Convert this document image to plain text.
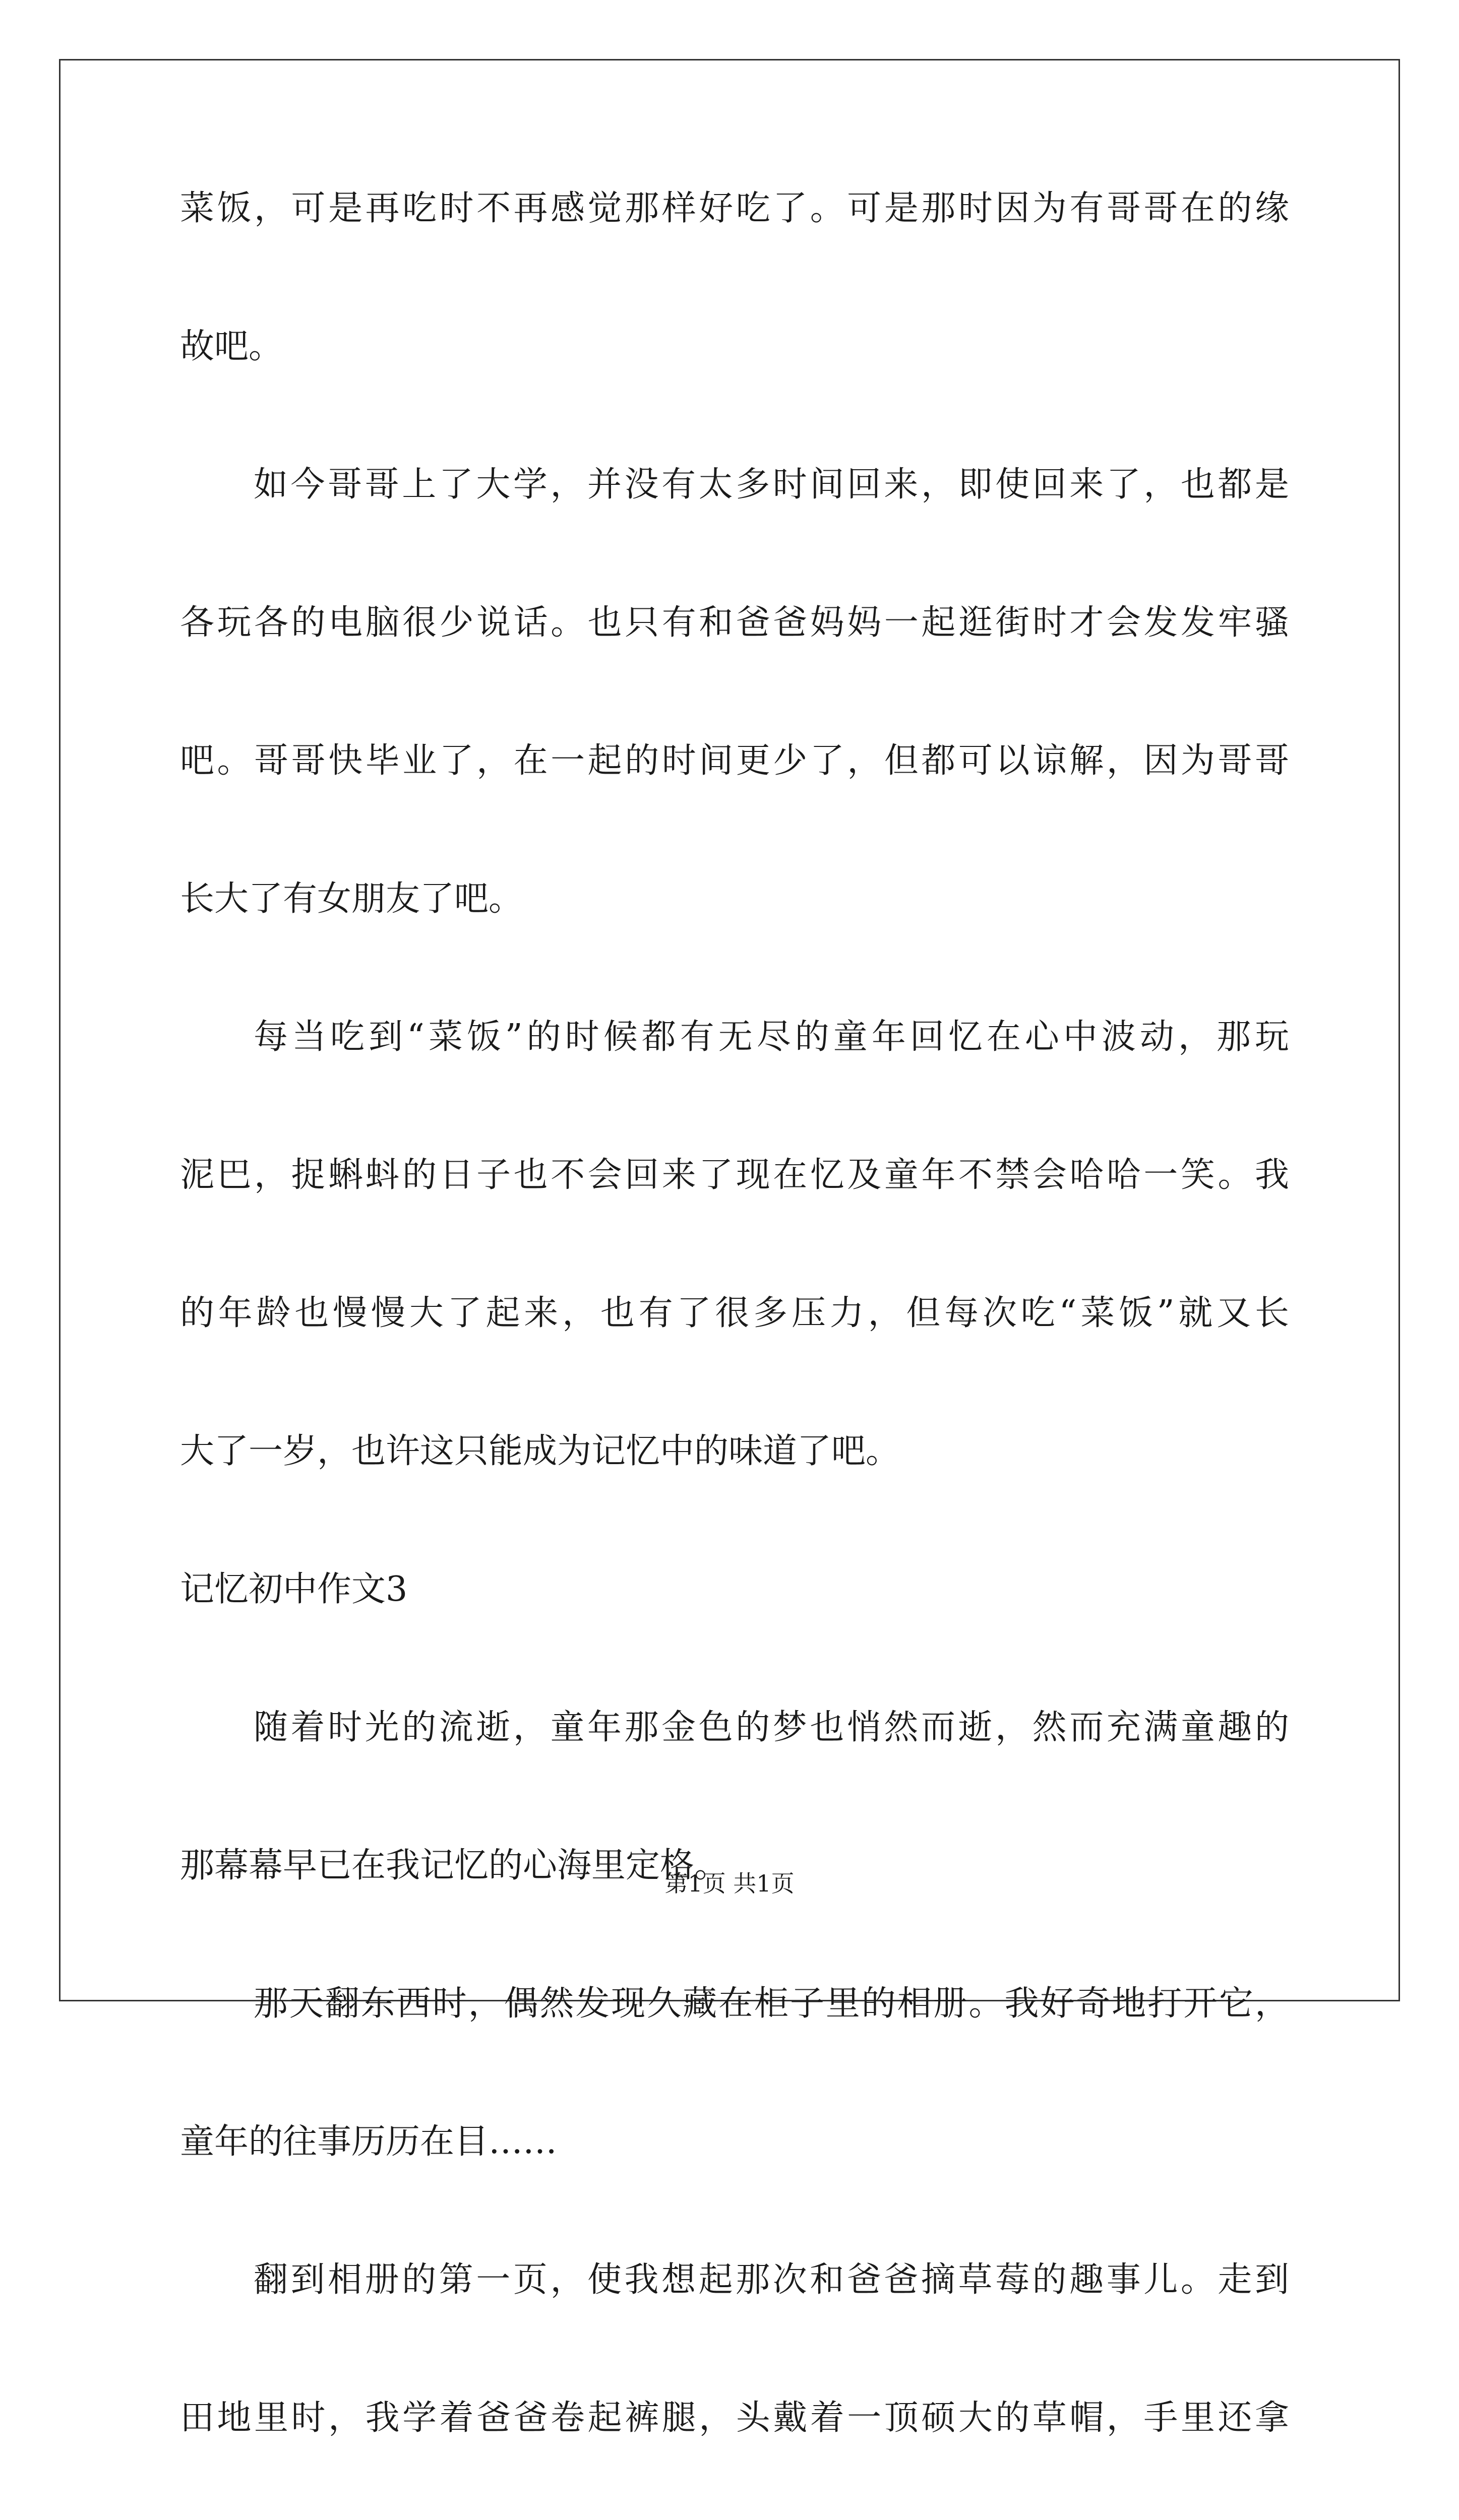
菜饭，可是再吃时不再感觉那样好吃了。可是那时因为有哥哥在的缘
故吧。
如今哥哥上了大学，并没有太多时间回来，即使回来了，也都是
各玩各的电脑很少说话。也只有和爸爸妈妈一起逛街时才会发发牢骚
吧。哥哥快毕业了，在一起的时间更少了，但都可以谅解，因为哥哥
长大了有女朋友了吧。
每当吃到“菜饭”的时候都有无尽的童年回忆在心中波动，那玩
泥巴，捉蝌蚪的日子也不会回来了现在忆及童年不禁会哈哈一笑。我
的年龄也慢慢大了起来，也有了很多压力，但每次吃“菜饭”就又长
大了一岁，也许这只能成为记忆中的味道了吧。
记忆初中作文3
随着时光的流逝，童年那金色的梦也悄然而逝，然而充满童趣的
那幕幕早已在我记忆的心海里定格。
那天翻东西时，偶然发现久藏在柜子里的相册。我好奇地打开它，
童年的往事历历在目……
翻到相册的第一页，使我想起那次和爸爸摘草莓的趣事儿。走到
田地里时，我学着爸爸卷起裤腿，头戴着一顶硕大的草帽，手里还拿
第1页 共1页
